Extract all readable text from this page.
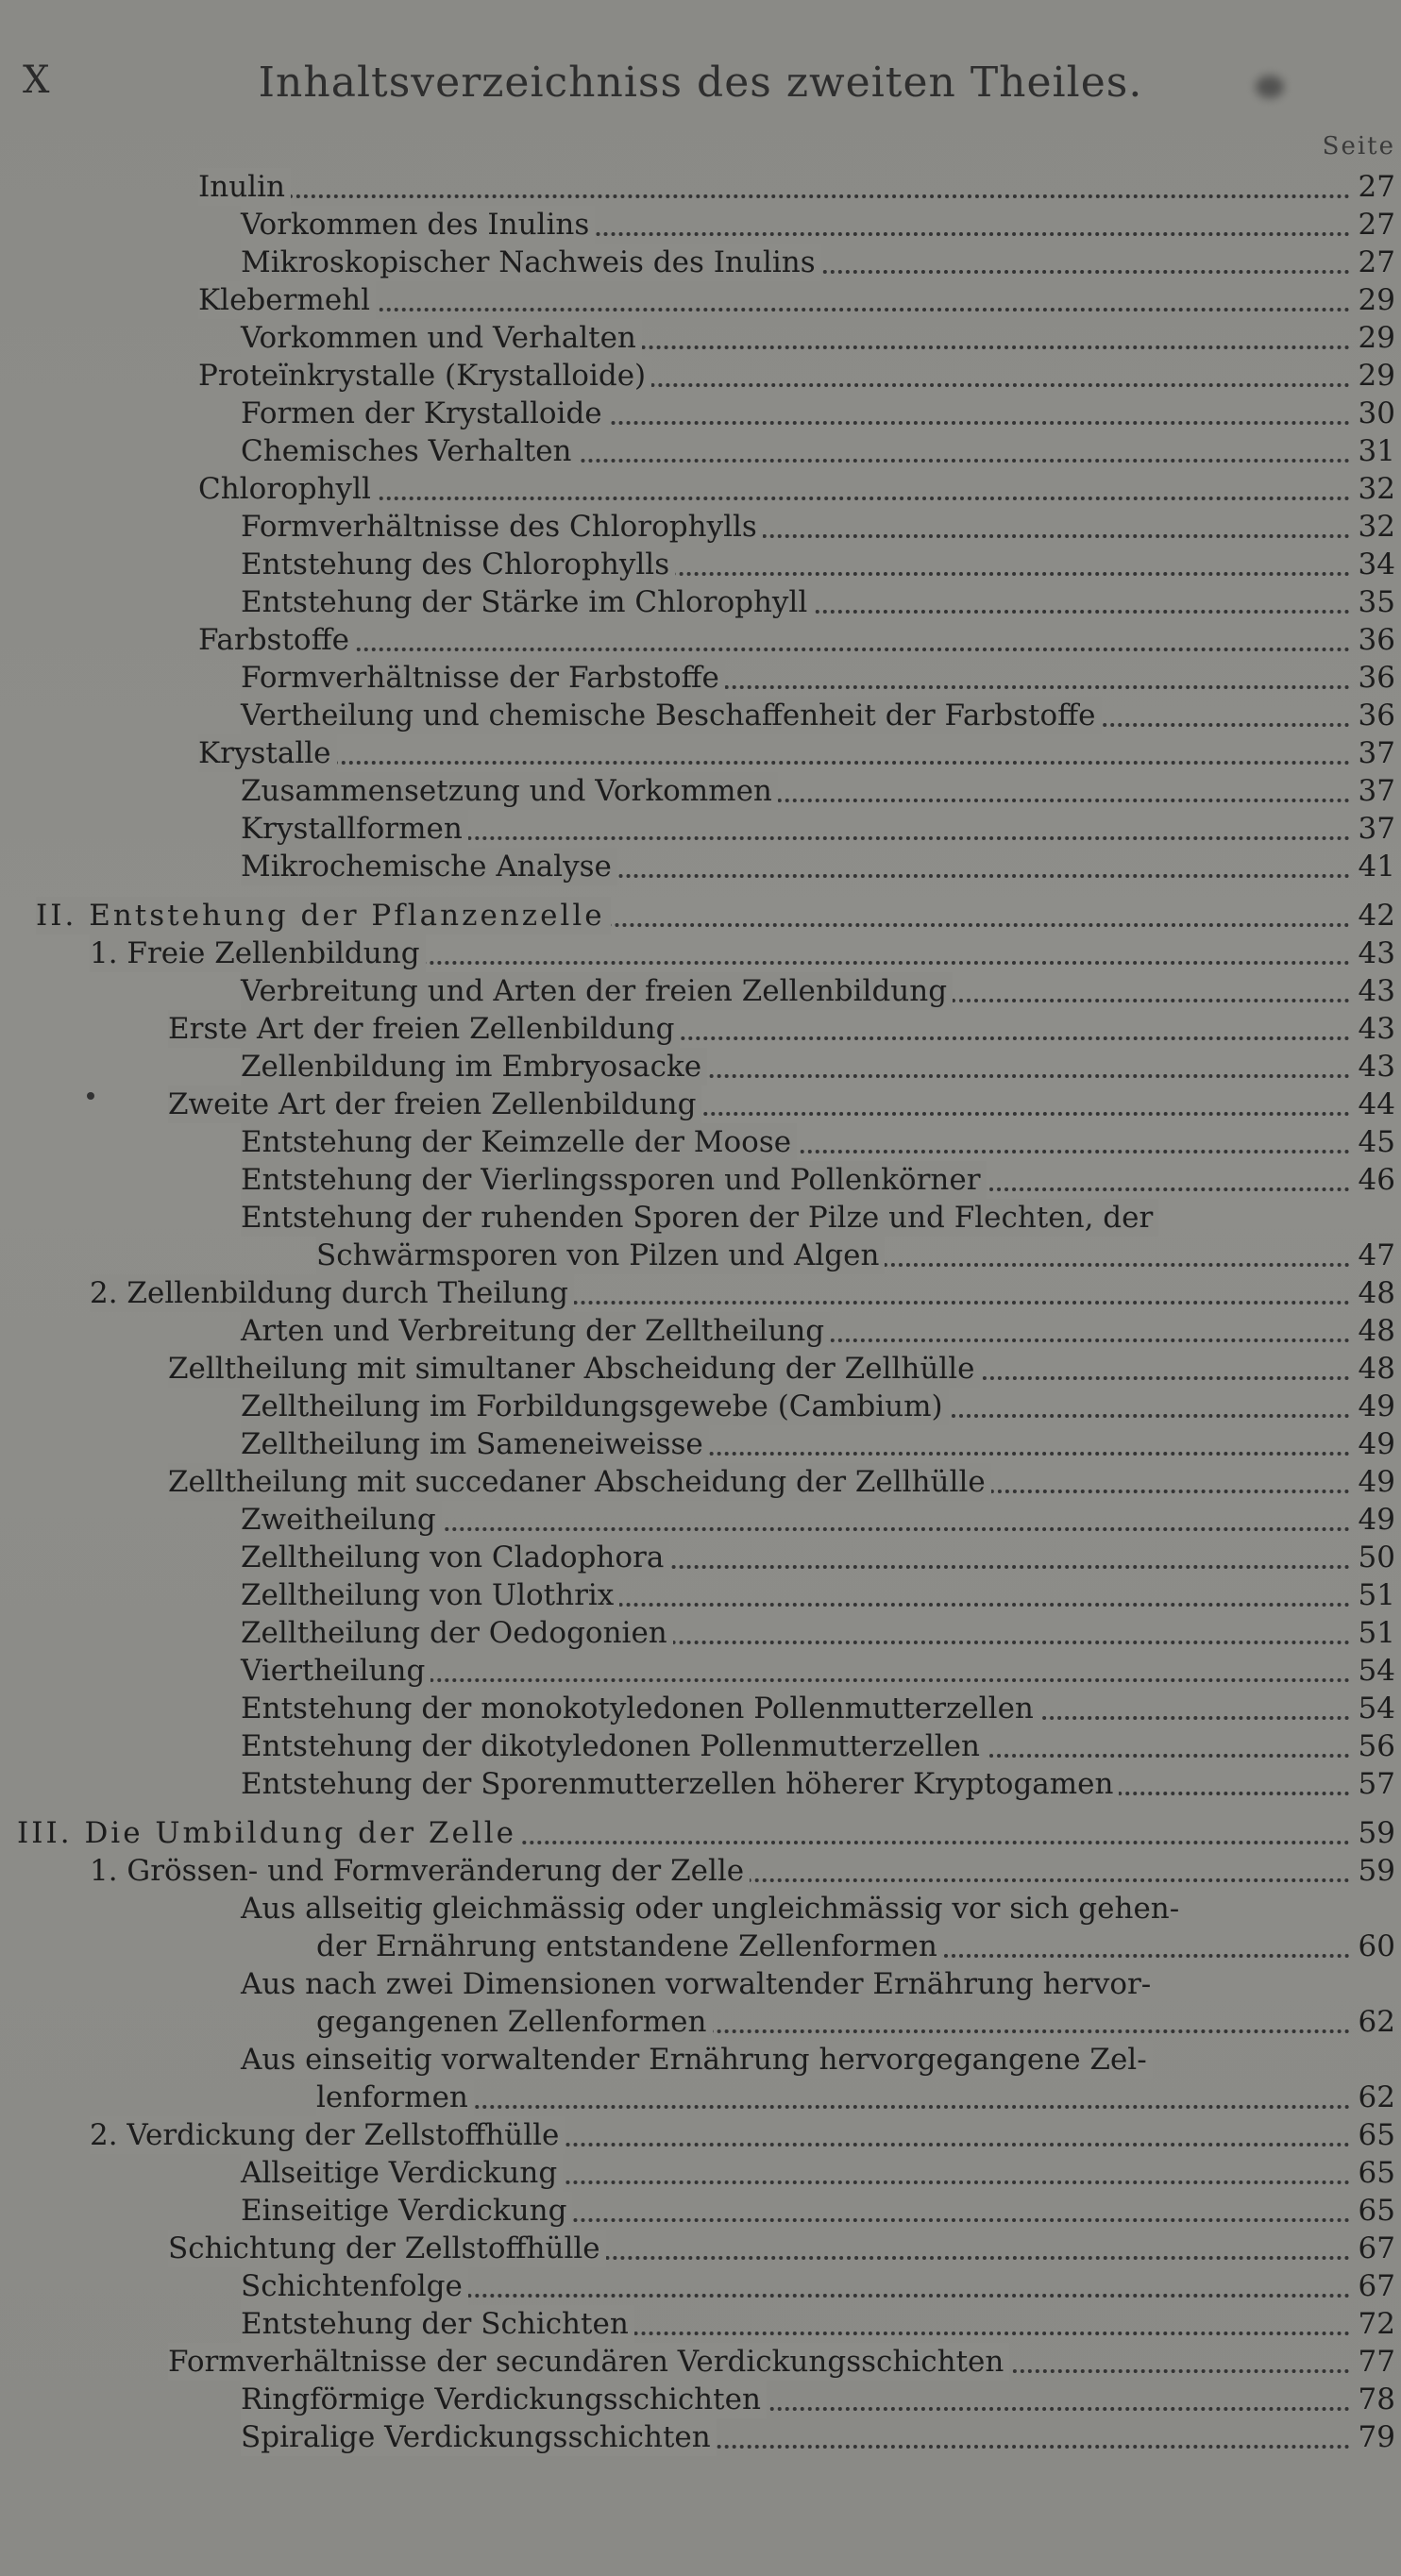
X	Inhaltsverzeichniss des zweiten Theiles.
Seite
Inulin	27
Vorkommen des Inulins	27
Mikroskopischer Nachweis des Inulins	27
Klebermehl	29
Vorkommen und Verhalten	29
Proteïnkrystalle (Krystalloide)	29
Formen der Krystalloide	30
Chemisches Verhalten	31
Chlorophyll	32
Formverhältnisse des Chlorophylls	32
Entstehung des Chlorophylls	34
Entstehung der Stärke im Chlorophyll	35
Farbstoffe	36
Formverhältnisse der Farbstoffe	36
Vertheilung und chemische Beschaffenheit der Farbstoffe	36
Krystalle	37
Zusammensetzung und Vorkommen	37
Krystallformen	37
Mikrochemische Analyse	41
II. Entstehung der Pflanzenzelle	42
1. Freie Zellenbildung	43
Verbreitung und Arten der freien Zellenbildung	43
Erste Art der freien Zellenbildung	43
Zellenbildung im Embryosacke	43
Zweite Art der freien Zellenbildung	44
Entstehung der Keimzelle der Moose	45
Entstehung der Vierlingssporen und Pollenkörner	46
Entstehung der ruhenden Sporen der Pilze und Flechten, der
Schwärmsporen von Pilzen und Algen	47
2. Zellenbildung durch Theilung	48
Arten und Verbreitung der Zelltheilung	48
Zelltheilung mit simultaner Abscheidung der Zellhülle	48
Zelltheilung im Forbildungsgewebe (Cambium)	49
Zelltheilung im Sameneiweisse	49
Zelltheilung mit succedaner Abscheidung der Zellhülle	49
Zweitheilung	49
Zelltheilung von Cladophora	50
Zelltheilung von Ulothrix	51
Zelltheilung der Oedogonien	51
Viertheilung	54
Entstehung der monokotyledonen Pollenmutterzellen	54
Entstehung der dikotyledonen Pollenmutterzellen	56
Entstehung der Sporenmutterzellen höherer Kryptogamen	57
III. Die Umbildung der Zelle	59
1. Grössen- und Formveränderung der Zelle	59
Aus allseitig gleichmässig oder ungleichmässig vor sich gehen-
der Ernährung entstandene Zellenformen	60
Aus nach zwei Dimensionen vorwaltender Ernährung hervor-
gegangenen Zellenformen	62
Aus einseitig vorwaltender Ernährung hervorgegangene Zel-
lenformen	62
2. Verdickung der Zellstoffhülle	65
Allseitige Verdickung	65
Einseitige Verdickung	65
Schichtung der Zellstoffhülle	67
Schichtenfolge	67
Entstehung der Schichten	72
Formverhältnisse der secundären Verdickungsschichten	77
Ringförmige Verdickungsschichten	78
Spiralige Verdickungsschichten	79
